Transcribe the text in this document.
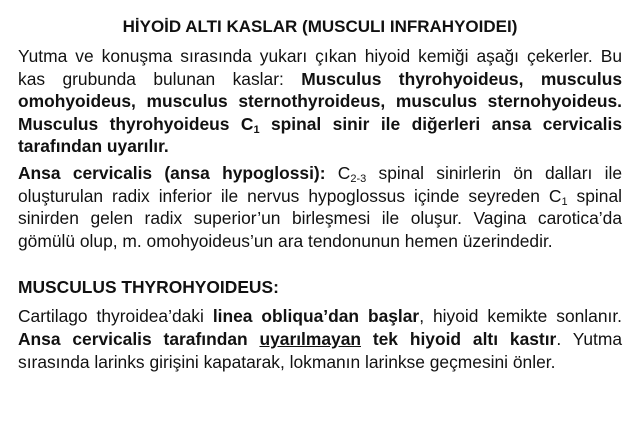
HİYOİD ALTI KASLAR (MUSCULI INFRAHYOIDEI)

Yutma ve konuşma sırasında yukarı çıkan hiyoid kemiği aşağı çekerler. Bu kas grubunda bulunan kaslar: Musculus thyrohyoideus, musculus omohyoideus, musculus sternothyroideus, musculus sternohyoideus. Musculus thyrohyoideus $C_1$ spinal sinir ile diğerleri ansa cervicalis tarafından uyarılır.

Ansa cervicalis (ansa hypoglossi): $C_{2-3}$ spinal sinirlerin ön dalları ile oluşturulan radix inferior ile nervus hypoglossus içinde seyreden $C_1$ spinal sinirden gelen radix superior’un birleşmesi ile oluşur. Vagina carotica’da gömülü olup, m. omohyoideus’un ara tendonunun hemen üzerindedir.

MUSCULUS THYROHYOIDEUS:

Cartilago thyroidea’daki linea obliqua’dan başlar, hiyoid kemikte sonlanır. Ansa cervicalis tarafından uyarılmayan tek hiyoid altı kastır. Yutma sırasında larinks girişini kapatarak, lokmanın larinkse geçmesini önler.
